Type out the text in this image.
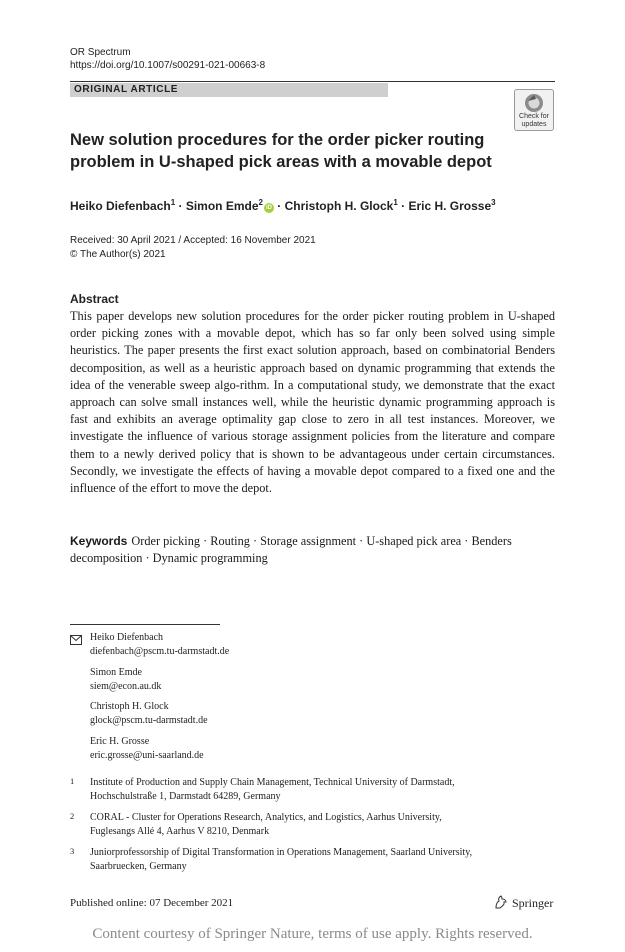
OR Spectrum
https://doi.org/10.1007/s00291-021-00663-8
ORIGINAL ARTICLE
Check for
updates
New solution procedures for the order picker routing
problem in U-shaped pick areas with a movable depot
Heiko Diefenbach$^1$ · Simon Emde$^2$iD · Christoph H. Glock$^1$ · Eric H. Grosse$^3$
Received: 30 April 2021 / Accepted: 16 November 2021
© The Author(s) 2021
Abstract
This paper develops new solution procedures for the order picker routing problem in U-shaped order picking zones with a movable depot, which has so far only been solved using simple heuristics. The paper presents the first exact solution approach, based on combinatorial Benders decomposition, as well as a heuristic approach based on dynamic programming that extends the idea of the venerable sweep algo-rithm. In a computational study, we demonstrate that the exact approach can solve small instances well, while the heuristic dynamic programming approach is fast and exhibits an average optimality gap close to zero in all test instances. Moreover, we investigate the influence of various storage assignment policies from the literature and compare them to a newly derived policy that is shown to be advantageous under certain circumstances. Secondly, we investigate the effects of having a movable depot compared to a fixed one and the influence of the effort to move the depot.
Keywords Order picking · Routing · Storage assignment · U-shaped pick area · Benders decomposition · Dynamic programming
Heiko Diefenbach
diefenbach@pscm.tu-darmstadt.de
Simon Emde
siem@econ.au.dk
Christoph H. Glock
glock@pscm.tu-darmstadt.de
Eric H. Grosse
eric.grosse@uni-saarland.de
1 Institute of Production and Supply Chain Management, Technical University of Darmstadt,
Hochschulstraße 1, Darmstadt 64289, Germany
2 CORAL - Cluster for Operations Research, Analytics, and Logistics, Aarhus University,
Fuglesangs Allé 4, Aarhus V 8210, Denmark
3 Juniorprofessorship of Digital Transformation in Operations Management, Saarland University,
Saarbruecken, Germany
Published online: 07 December 2021	Springer
Content courtesy of Springer Nature, terms of use apply. Rights reserved.
